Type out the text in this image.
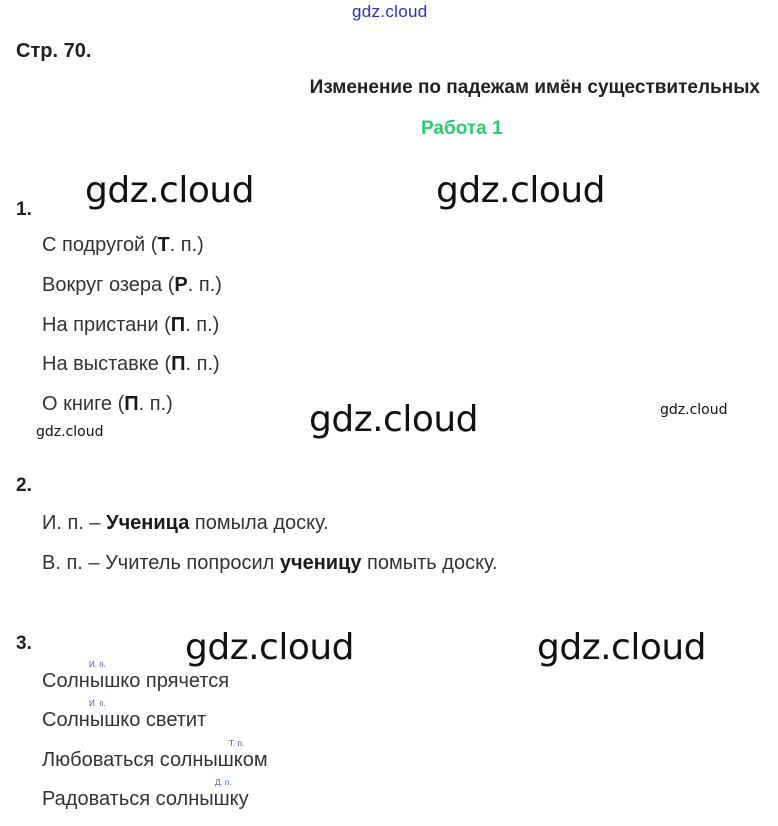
gdz.cloud
Стр. 70.
Изменение по падежам имён существительных
Работа 1
1.
С подругой (Т. п.)
Вокруг озера (Р. п.)
На пристани (П. п.)
На выставке (П. п.)
О книге (П. п.)
2.
И. п. – Ученица помыла доску.
В. п. – Учитель попросил ученицу помыть доску.
3.
И. п.
Солнышко прячется
И. п.
Солнышко светит
Т. п.
Любоваться солнышком
Д. п.
Радоваться солнышку
gdz.cloud	gdz.cloud
gdz.cloud	gdz.cloud
gdz.cloud
gdz.cloud	gdz.cloud
